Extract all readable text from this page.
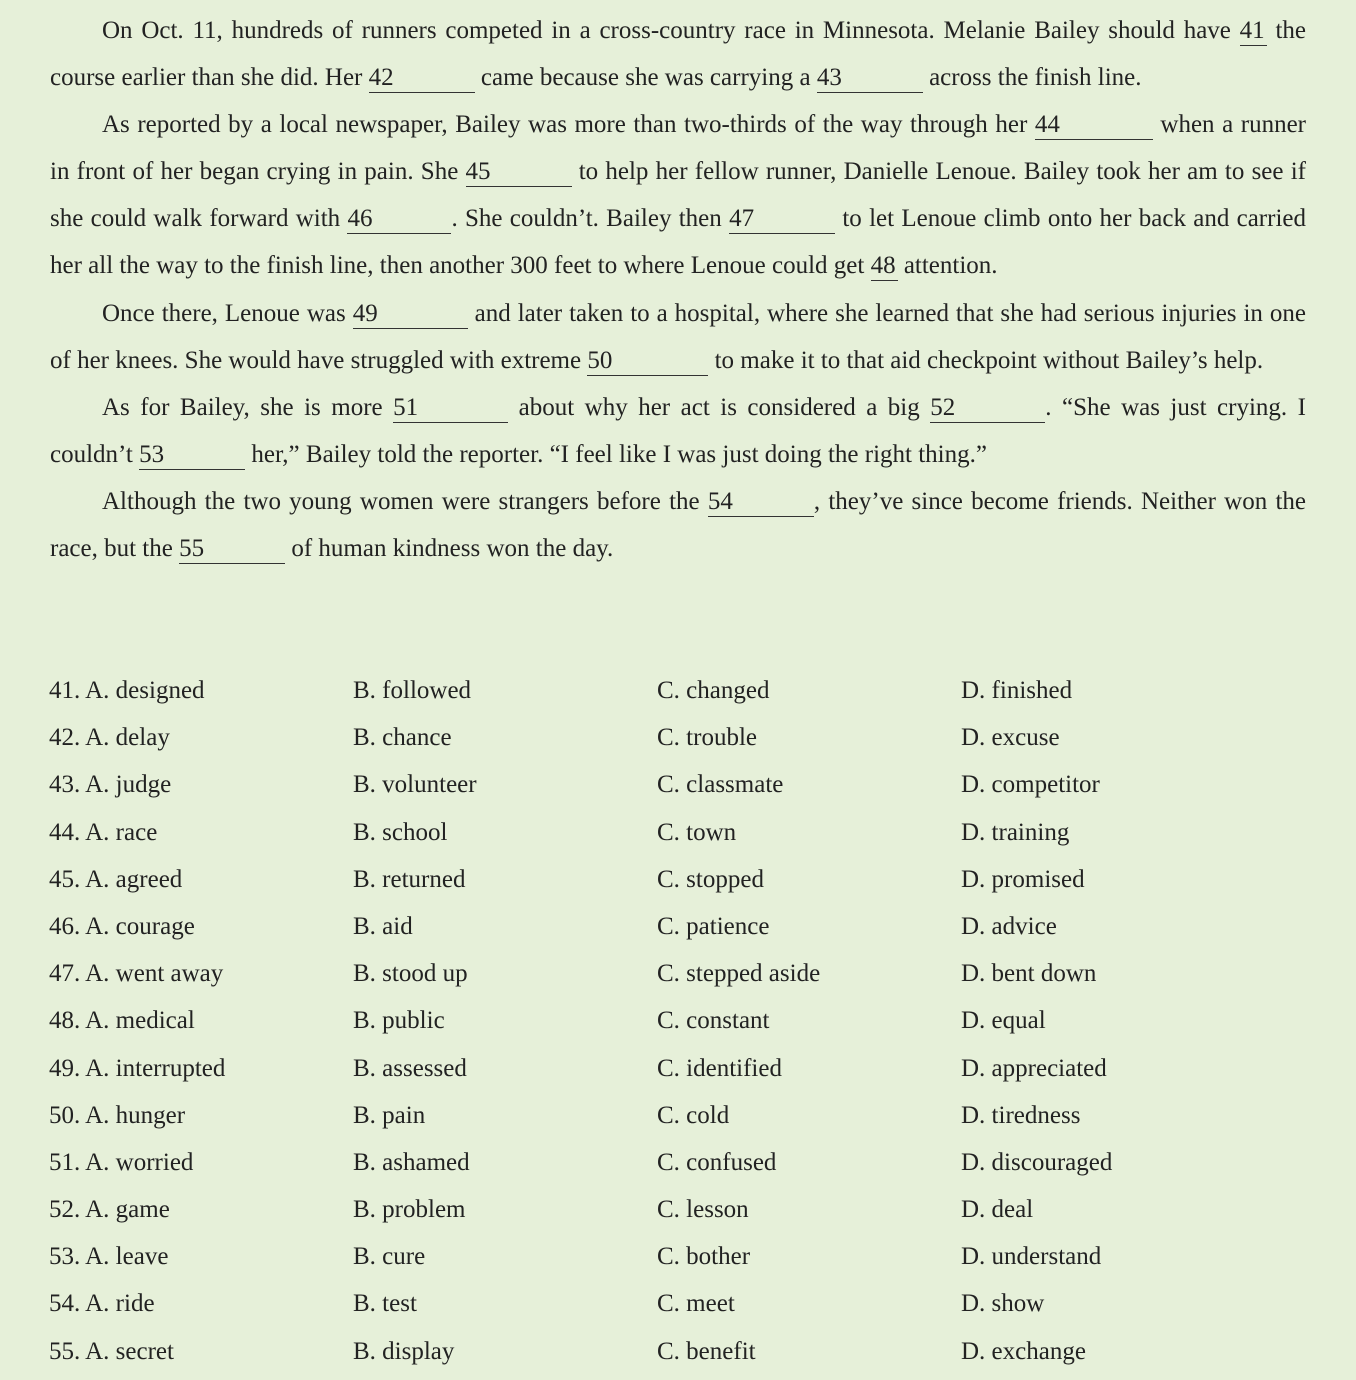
On Oct. 11, hundreds of runners competed in a cross-country race in Minnesota. Melanie Bailey should have 41 the course earlier than she did. Her 42	came because she was carrying a 43	across the finish line.

As reported by a local newspaper, Bailey was more than two-thirds of the way through her 44	when a runner in front of her began crying in pain. She 45	to help her fellow runner, Danielle Lenoue. Bailey took her am to see if she could walk forward with 46	. She couldn’t. Bailey then 47	to let Lenoue climb onto her back and carried her all the way to the finish line, then another 300 feet to where Lenoue could get 48 attention.

Once there, Lenoue was 49	and later taken to a hospital, where she learned that she had serious injuries in one of her knees. She would have struggled with extreme 50	to make it to that aid checkpoint without Bailey’s help.

As for Bailey, she is more 51	about why her act is considered a big 52	. “She was just crying. I couldn’t 53	her,” Bailey told the reporter. “I feel like I was just doing the right thing.”

Although the two young women were strangers before the 54	, they’ve since become friends. Neither won the race, but the 55	of human kindness won the day.

41. A. designed	B. followed	C. changed	D. finished
42. A. delay	B. chance	C. trouble	D. excuse
43. A. judge	B. volunteer	C. classmate	D. competitor
44. A. race	B. school	C. town	D. training
45. A. agreed	B. returned	C. stopped	D. promised
46. A. courage	B. aid	C. patience	D. advice
47. A. went away	B. stood up	C. stepped aside	D. bent down
48. A. medical	B. public	C. constant	D. equal
49. A. interrupted	B. assessed	C. identified	D. appreciated
50. A. hunger	B. pain	C. cold	D. tiredness
51. A. worried	B. ashamed	C. confused	D. discouraged
52. A. game	B. problem	C. lesson	D. deal
53. A. leave	B. cure	C. bother	D. understand
54. A. ride	B. test	C. meet	D. show
55. A. secret	B. display	C. benefit	D. exchange
